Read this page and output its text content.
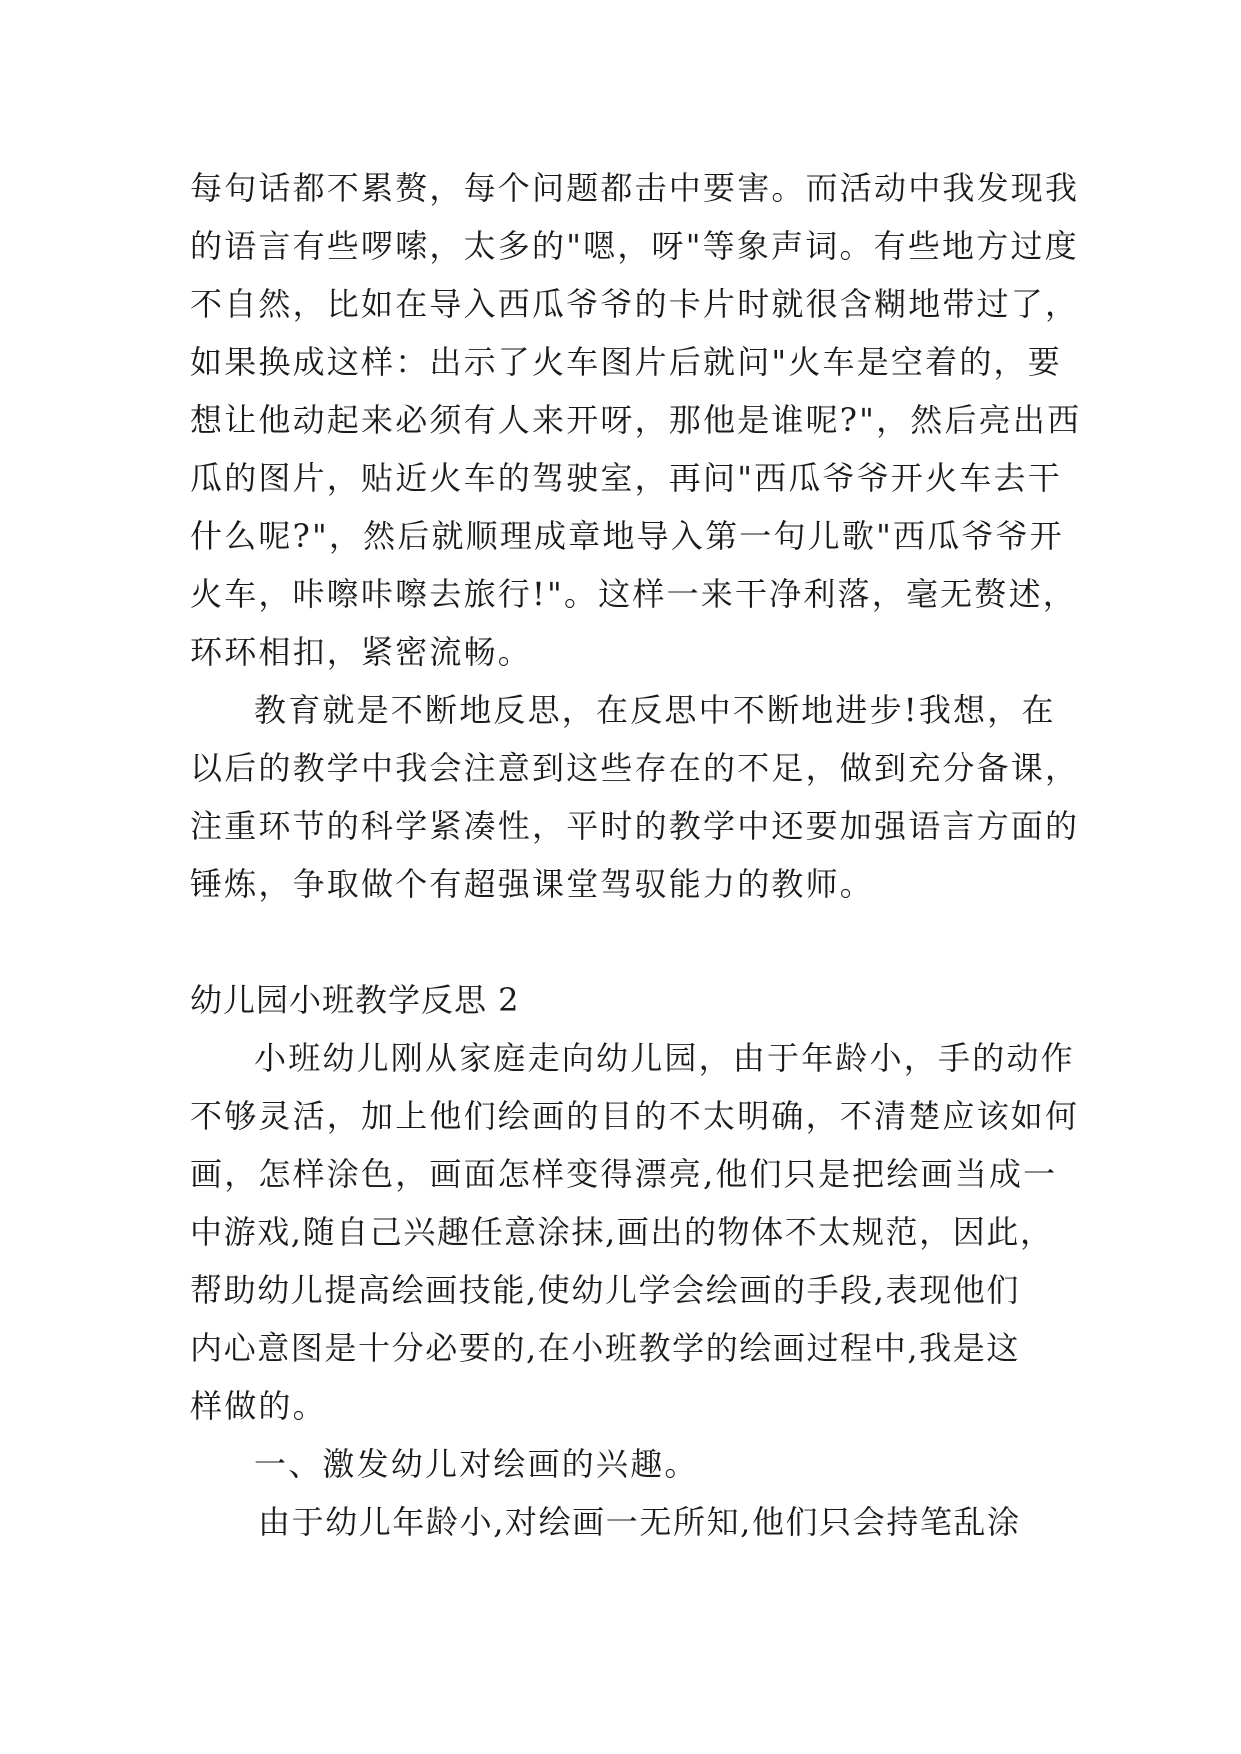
每句话都不累赘，每个问题都击中要害。而活动中我发现我
的语言有些啰嗦，太多的"嗯，呀"等象声词。有些地方过度
不自然，比如在导入西瓜爷爷的卡片时就很含糊地带过了，
如果换成这样：出示了火车图片后就问"火车是空着的，要
想让他动起来必须有人来开呀，那他是谁呢?"，然后亮出西
瓜的图片，贴近火车的驾驶室，再问"西瓜爷爷开火车去干
什么呢?"，然后就顺理成章地导入第一句儿歌"西瓜爷爷开
火车，咔嚓咔嚓去旅行!"。这样一来干净利落，毫无赘述，
环环相扣，紧密流畅。
教育就是不断地反思，在反思中不断地进步!我想，在
以后的教学中我会注意到这些存在的不足，做到充分备课，
注重环节的科学紧凑性，平时的教学中还要加强语言方面的
锤炼，争取做个有超强课堂驾驭能力的教师。
幼儿园小班教学反思 2
小班幼儿刚从家庭走向幼儿园，由于年龄小，手的动作
不够灵活，加上他们绘画的目的不太明确，不清楚应该如何
画，怎样涂色，画面怎样变得漂亮,他们只是把绘画当成一
中游戏,随自己兴趣任意涂抹,画出的物体不太规范，因此，
帮助幼儿提高绘画技能,使幼儿学会绘画的手段,表现他们
内心意图是十分必要的,在小班教学的绘画过程中,我是这
样做的。
一、激发幼儿对绘画的兴趣。
由于幼儿年龄小,对绘画一无所知,他们只会持笔乱涂
